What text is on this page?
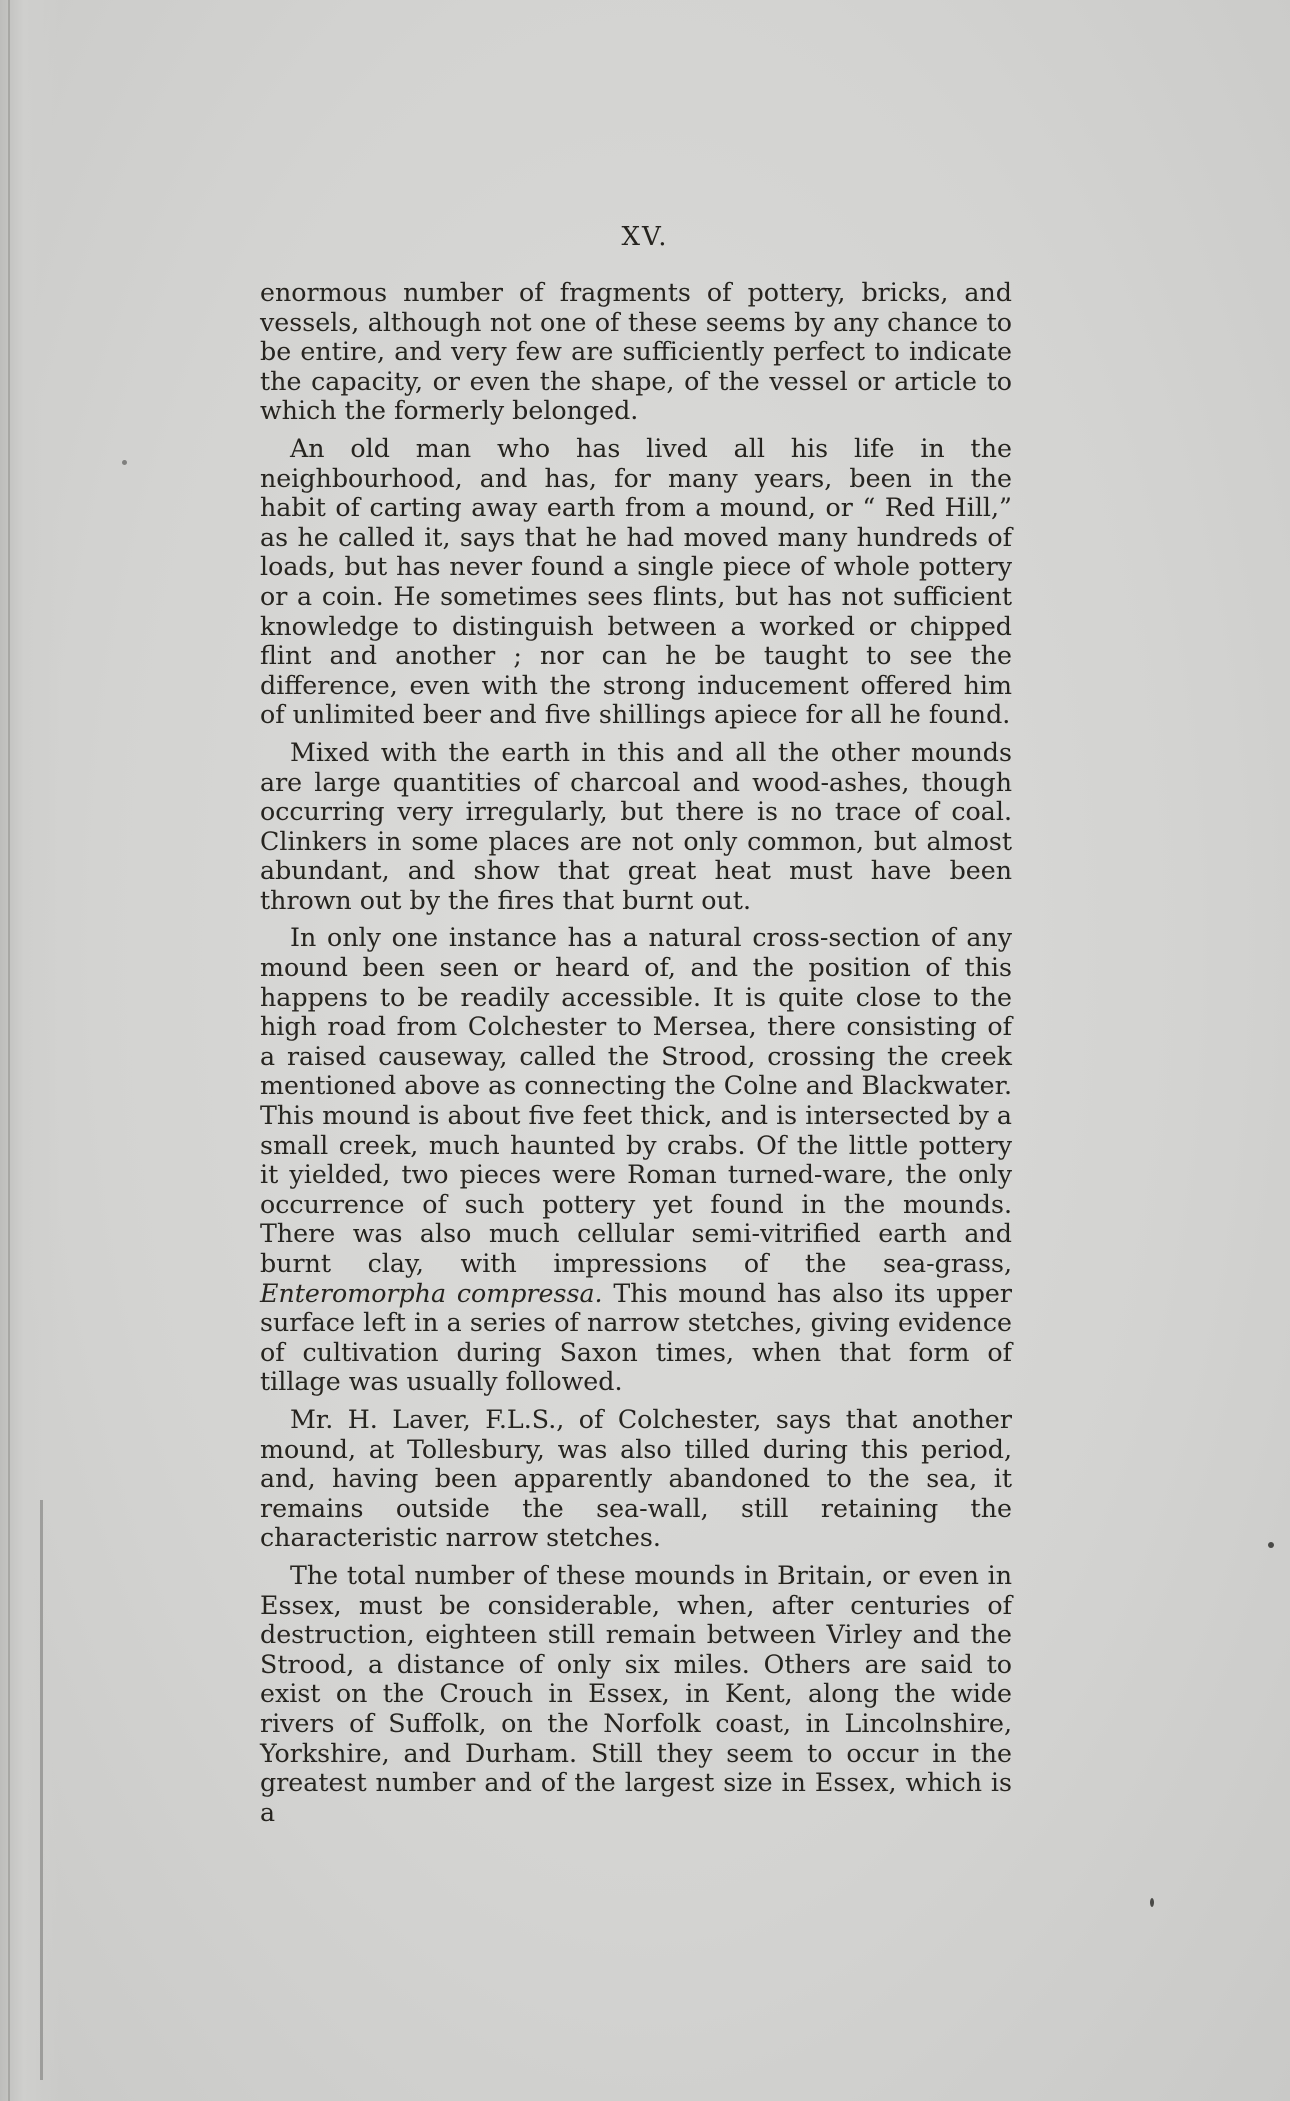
XV.

enormous number of fragments of pottery, bricks, and vessels, although not one of these seems by any chance to be entire, and very few are sufficiently perfect to indicate the capacity, or even the shape, of the vessel or article to which the formerly belonged.

An old man who has lived all his life in the neighbourhood, and has, for many years, been in the habit of carting away earth from a mound, or “ Red Hill,” as he called it, says that he had moved many hundreds of loads, but has never found a single piece of whole pottery or a coin. He sometimes sees flints, but has not sufficient knowledge to distinguish between a worked or chipped flint and another ; nor can he be taught to see the difference, even with the strong inducement offered him of unlimited beer and five shillings apiece for all he found.

Mixed with the earth in this and all the other mounds are large quantities of charcoal and wood-ashes, though occurring very irregularly, but there is no trace of coal. Clinkers in some places are not only common, but almost abundant, and show that great heat must have been thrown out by the fires that burnt out.

In only one instance has a natural cross-section of any mound been seen or heard of, and the position of this happens to be readily accessible. It is quite close to the high road from Colchester to Mersea, there consisting of a raised causeway, called the Strood, crossing the creek mentioned above as connecting the Colne and Blackwater. This mound is about five feet thick, and is intersected by a small creek, much haunted by crabs. Of the little pottery it yielded, two pieces were Roman turned-ware, the only occurrence of such pottery yet found in the mounds. There was also much cellular semi-vitrified earth and burnt clay, with impressions of the sea-grass, Enteromorpha compressa. This mound has also its upper surface left in a series of narrow stetches, giving evidence of cultivation during Saxon times, when that form of tillage was usually followed.

Mr. H. Laver, F.L.S., of Colchester, says that another mound, at Tollesbury, was also tilled during this period, and, having been apparently abandoned to the sea, it remains outside the sea-wall, still retaining the characteristic narrow stetches.

The total number of these mounds in Britain, or even in Essex, must be considerable, when, after centuries of destruction, eighteen still remain between Virley and the Strood, a distance of only six miles. Others are said to exist on the Crouch in Essex, in Kent, along the wide rivers of Suffolk, on the Norfolk coast, in Lincolnshire, Yorkshire, and Durham. Still they seem to occur in the greatest number and of the largest size in Essex, which is a
